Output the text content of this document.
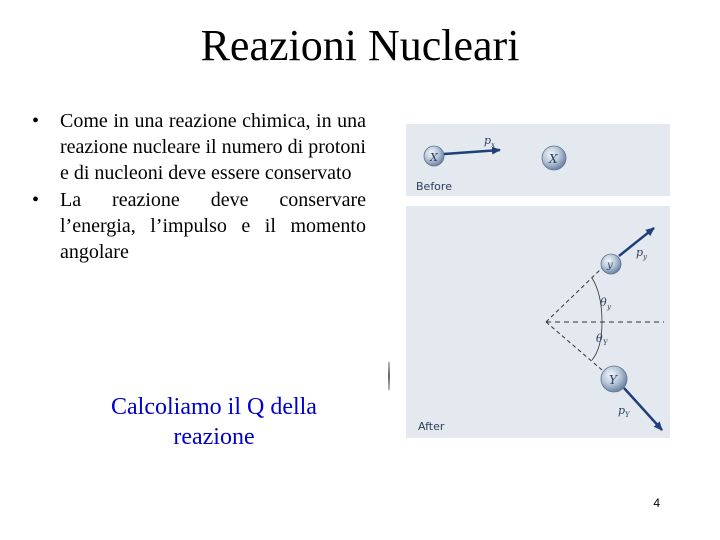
Reazioni Nucleari
•	Come in una reazione chimica, in una reazione nucleare il numero di protoni e di nucleoni deve essere conservato
•	La reazione deve conservare l’energia, l’impulso e il momento angolare
Calcoliamo il Q della reazione
X
p x
X
Before
θ y
θ Y
y
p y
Y
p Y
After
4
